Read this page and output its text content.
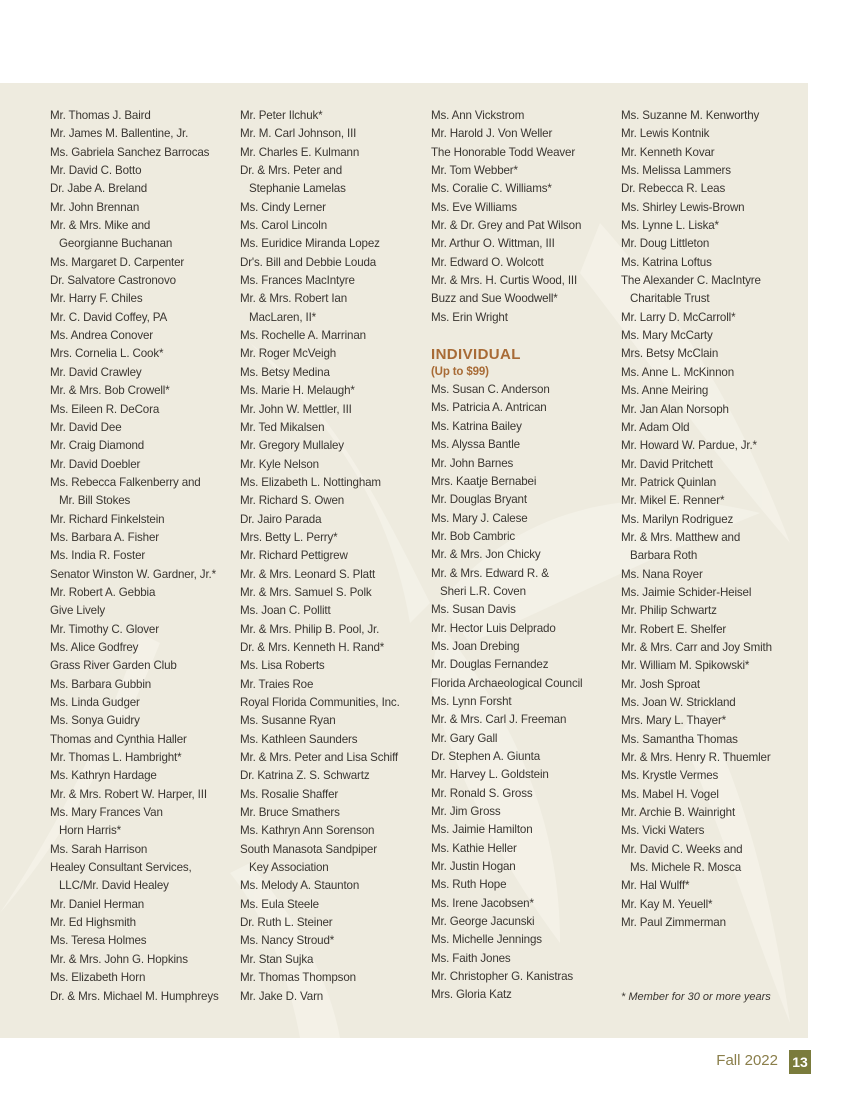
Mr. Thomas J. Baird
Mr. James M. Ballentine, Jr.
Ms. Gabriela Sanchez Barrocas
Mr. David C. Botto
Dr. Jabe A. Breland
Mr. John Brennan
Mr. & Mrs. Mike and
Georgianne Buchanan
Ms. Margaret D. Carpenter
Dr. Salvatore Castronovo
Mr. Harry F. Chiles
Mr. C. David Coffey, PA
Ms. Andrea Conover
Mrs. Cornelia L. Cook*
Mr. David Crawley
Mr. & Mrs. Bob Crowell*
Ms. Eileen R. DeCora
Mr. David Dee
Mr. Craig Diamond
Mr. David Doebler
Ms. Rebecca Falkenberry and
Mr. Bill Stokes
Mr. Richard Finkelstein
Ms. Barbara A. Fisher
Ms. India R. Foster
Senator Winston W. Gardner, Jr.*
Mr. Robert A. Gebbia
Give Lively
Mr. Timothy C. Glover
Ms. Alice Godfrey
Grass River Garden Club
Ms. Barbara Gubbin
Ms. Linda Gudger
Ms. Sonya Guidry
Thomas and Cynthia Haller
Mr. Thomas L. Hambright*
Ms. Kathryn Hardage
Mr. & Mrs. Robert W. Harper, III
Ms. Mary Frances Van
Horn Harris*
Ms. Sarah Harrison
Healey Consultant Services,
LLC/Mr. David Healey
Mr. Daniel Herman
Mr. Ed Highsmith
Ms. Teresa Holmes
Mr. & Mrs. John G. Hopkins
Ms. Elizabeth Horn
Dr. & Mrs. Michael M. Humphreys
Mr. Peter Ilchuk*
Mr. M. Carl Johnson, III
Mr. Charles E. Kulmann
Dr. & Mrs. Peter and
Stephanie Lamelas
Ms. Cindy Lerner
Ms. Carol Lincoln
Ms. Euridice Miranda Lopez
Dr's. Bill and Debbie Louda
Ms. Frances MacIntyre
Mr. & Mrs. Robert Ian
MacLaren, II*
Ms. Rochelle A. Marrinan
Mr. Roger McVeigh
Ms. Betsy Medina
Ms. Marie H. Melaugh*
Mr. John W. Mettler, III
Mr. Ted Mikalsen
Mr. Gregory Mullaley
Mr. Kyle Nelson
Ms. Elizabeth L. Nottingham
Mr. Richard S. Owen
Dr. Jairo Parada
Mrs. Betty L. Perry*
Mr. Richard Pettigrew
Mr. & Mrs. Leonard S. Platt
Mr. & Mrs. Samuel S. Polk
Ms. Joan C. Pollitt
Mr. & Mrs. Philip B. Pool, Jr.
Dr. & Mrs. Kenneth H. Rand*
Ms. Lisa Roberts
Mr. Traies Roe
Royal Florida Communities, Inc.
Ms. Susanne Ryan
Ms. Kathleen Saunders
Mr. & Mrs. Peter and Lisa Schiff
Dr. Katrina Z. S. Schwartz
Ms. Rosalie Shaffer
Mr. Bruce Smathers
Ms. Kathryn Ann Sorenson
South Manasota Sandpiper
Key Association
Ms. Melody A. Staunton
Ms. Eula Steele
Dr. Ruth L. Steiner
Ms. Nancy Stroud*
Mr. Stan Sujka
Mr. Thomas Thompson
Mr. Jake D. Varn
Ms. Ann Vickstrom
Mr. Harold J. Von Weller
The Honorable Todd Weaver
Mr. Tom Webber*
Ms. Coralie C. Williams*
Ms. Eve Williams
Mr. & Dr. Grey and Pat Wilson
Mr. Arthur O. Wittman, III
Mr. Edward O. Wolcott
Mr. & Mrs. H. Curtis Wood, III
Buzz and Sue Woodwell*
Ms. Erin Wright
INDIVIDUAL
(Up to $99)
Ms. Susan C. Anderson
Ms. Patricia A. Antrican
Ms. Katrina Bailey
Ms. Alyssa Bantle
Mr. John Barnes
Mrs. Kaatje Bernabei
Mr. Douglas Bryant
Ms. Mary J. Calese
Mr. Bob Cambric
Mr. & Mrs. Jon Chicky
Mr. & Mrs. Edward R. &
Sheri L.R. Coven
Ms. Susan Davis
Mr. Hector Luis Delprado
Ms. Joan Drebing
Mr. Douglas Fernandez
Florida Archaeological Council
Ms. Lynn Forsht
Mr. & Mrs. Carl J. Freeman
Mr. Gary Gall
Dr. Stephen A. Giunta
Mr. Harvey L. Goldstein
Mr. Ronald S. Gross
Mr. Jim Gross
Ms. Jaimie Hamilton
Ms. Kathie Heller
Mr. Justin Hogan
Ms. Ruth Hope
Ms. Irene Jacobsen*
Mr. George Jacunski
Ms. Michelle Jennings
Ms. Faith Jones
Mr. Christopher G. Kanistras
Mrs. Gloria Katz
Ms. Suzanne M. Kenworthy
Mr. Lewis Kontnik
Mr. Kenneth Kovar
Ms. Melissa Lammers
Dr. Rebecca R. Leas
Ms. Shirley Lewis-Brown
Ms. Lynne L. Liska*
Mr. Doug Littleton
Ms. Katrina Loftus
The Alexander C. MacIntyre
Charitable Trust
Mr. Larry D. McCarroll*
Ms. Mary McCarty
Mrs. Betsy McClain
Ms. Anne L. McKinnon
Ms. Anne Meiring
Mr. Jan Alan Norsoph
Mr. Adam Old
Mr. Howard W. Pardue, Jr.*
Mr. David Pritchett
Mr. Patrick Quinlan
Mr. Mikel E. Renner*
Ms. Marilyn Rodriguez
Mr. & Mrs. Matthew and
Barbara Roth
Ms. Nana Royer
Ms. Jaimie Schider-Heisel
Mr. Philip Schwartz
Mr. Robert E. Shelfer
Mr. & Mrs. Carr and Joy Smith
Mr. William M. Spikowski*
Mr. Josh Sproat
Ms. Joan W. Strickland
Mrs. Mary L. Thayer*
Ms. Samantha Thomas
Mr. & Mrs. Henry R. Thuemler
Ms. Krystle Vermes
Ms. Mabel H. Vogel
Mr. Archie B. Wainright
Ms. Vicki Waters
Mr. David C. Weeks and
Ms. Michele R. Mosca
Mr. Hal Wulff*
Mr. Kay M. Yeuell*
Mr. Paul Zimmerman
* Member for 30 or more years
Fall 2022 13
